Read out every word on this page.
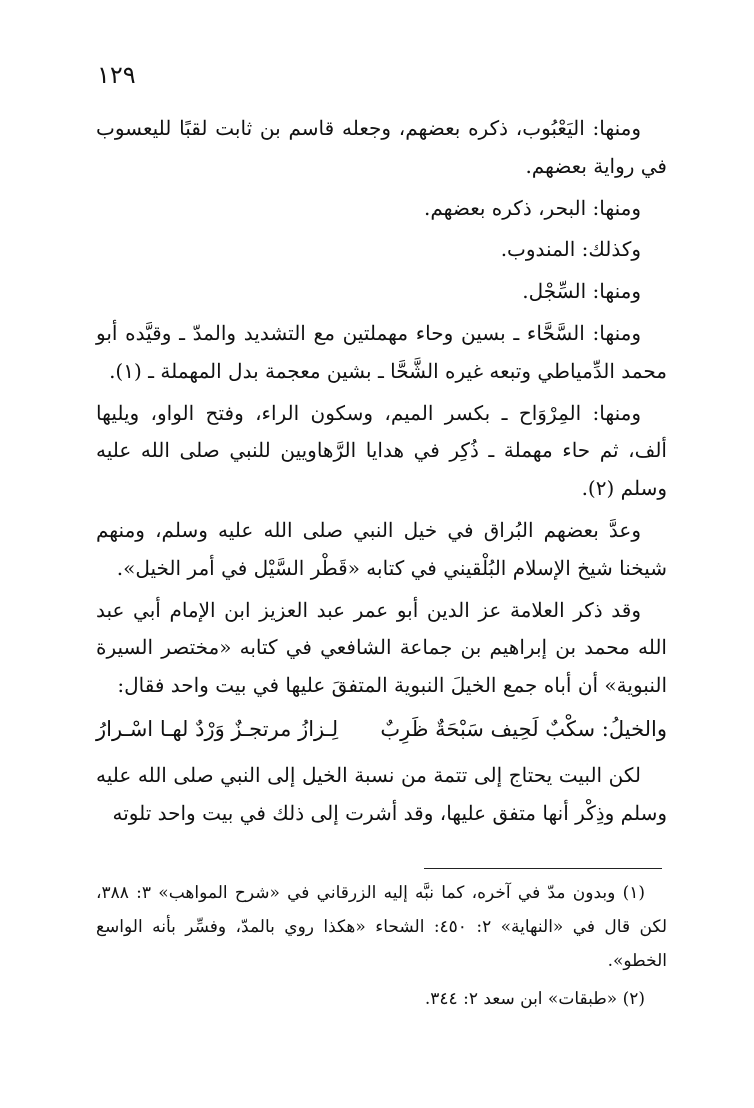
١٢٩

ومنها: اليَعْبُوب، ذكره بعضهم، وجعله قاسم بن ثابت لقبًا لليعسوب في رواية بعضهم.

ومنها: البحر، ذكره بعضهم.

وكذلك: المندوب.

ومنها: السِّجْل.

ومنها: السَّحَّاء ـ بسين وحاء مهملتين مع التشديد والمدّ ـ وقيَّده أبو محمد الدِّمياطي وتبعه غيره الشَّحَّا ـ بشين معجمة بدل المهملة ـ (١).

ومنها: المِرْوَاح ـ بكسر الميم، وسكون الراء، وفتح الواو، ويليها ألف، ثم حاء مهملة ـ ذُكِر في هدايا الرَّهاويين للنبي صلى الله عليه وسلم (٢).

وعدَّ بعضهم البُراق في خيل النبي صلى الله عليه وسلم، ومنهم شيخنا شيخ الإسلام البُلْقيني في كتابه «قَطْر السَّيْل في أمر الخيل».

وقد ذكر العلامة عز الدين أبو عمر عبد العزيز ابن الإمام أبي عبد الله محمد بن إبراهيم بن جماعة الشافعي في كتابه «مختصر السيرة النبوية» أن أباه جمع الخيلَ النبوية المتفقَ عليها في بيت واحد فقال:

والخيلُ: سكْبٌ لَحِيف سَبْحَةٌ ظَرِبٌ
لِـزازُ مرتجـزٌ وَرْدٌ لهـا اسْـرارُ

لكن البيت يحتاج إلى تتمة من نسبة الخيل إلى النبي صلى الله عليه وسلم وذِكْر أنها متفق عليها، وقد أشرت إلى ذلك في بيت واحد تلوته

(١) وبدون مدّ في آخره، كما نبَّه إليه الزرقاني في «شرح المواهب» ٣: ٣٨٨، لكن قال في «النهاية» ٢: ٤٥٠: الشحاء «هكذا روي بالمدّ، وفسِّر بأنه الواسع الخطو».

(٢) «طبقات» ابن سعد ٢: ٣٤٤.
